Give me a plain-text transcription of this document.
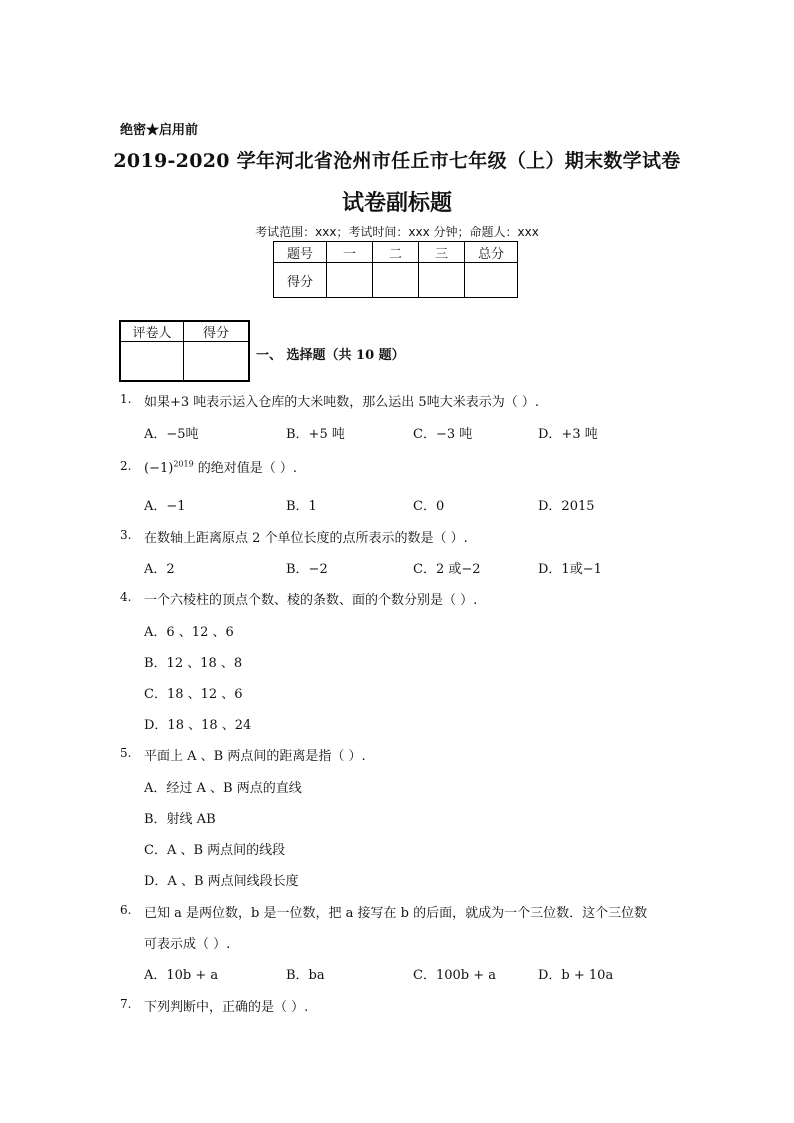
绝密★启用前
2019-2020 学年河北省沧州市任丘市七年级（上）期末数学试卷
试卷副标题
考试范围：xxx；考试时间：xxx 分钟；命题人：xxx
题号	一	二	三	总分
得分				
评卷人	得分

一、 选择题（共 10 题）
1. 如果+3 吨表示运入仓库的大米吨数，那么运出 5吨大米表示为（ ）.
A．−5吨	B．+5 吨	C．−3 吨	D．+3 吨
2. $(-1)^{2019}$ 的绝对值是（ ）.
A．−1	B．1	C．0	D．2015
3. 在数轴上距离原点 2 个单位长度的点所表示的数是（ ）.
A．2	B．−2	C．2 或−2	D．1或−1
4. 一个六棱柱的顶点个数、棱的条数、面的个数分别是（ ）.
A．6 、12 、6
B．12 、18 、8
C．18 、12 、6
D．18 、18 、24
5. 平面上 A 、B 两点间的距离是指（ ）.
A．经过 A 、B 两点的直线
B．射线 AB
C．A 、B 两点间的线段
D．A 、B 两点间线段长度
6. 已知 a 是两位数，b 是一位数，把 a 接写在 b 的后面，就成为一个三位数．这个三位数
可表示成（ ）.
A．10b + a	B．ba	C．100b + a	D．b + 10a
7. 下列判断中，正确的是（ ）.
